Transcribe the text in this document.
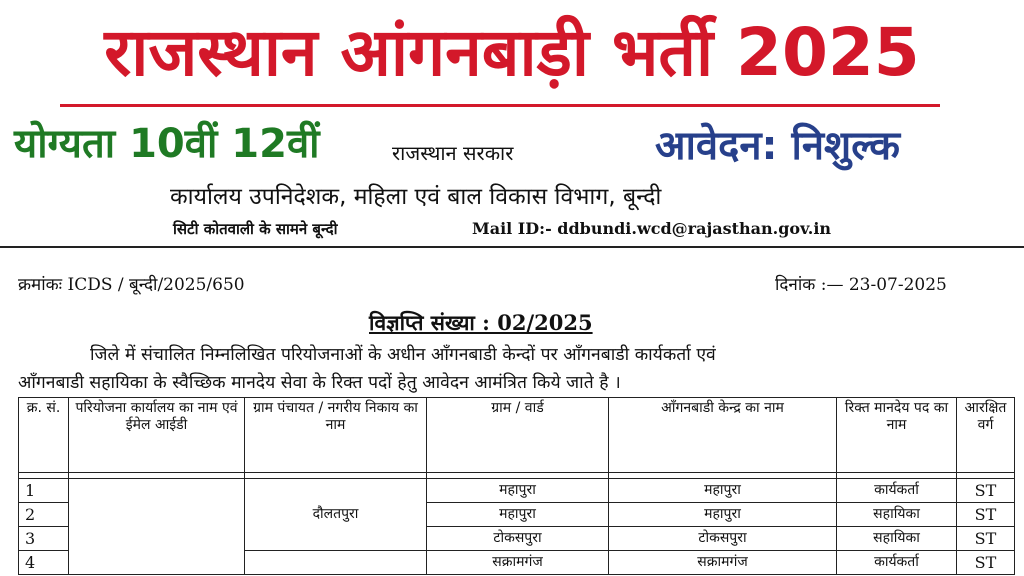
राजस्थान आंगनबाड़ी भर्ती 2025
योग्यता 10वीं 12वीं	राजस्थान सरकार	आवेदन: निशुल्क
कार्यालय उपनिदेशक, महिला एवं बाल विकास विभाग, बून्दी
सिटी कोतवाली के सामने बून्दी	Mail ID:- ddbundi.wcd@rajasthan.gov.in
क्रमांकः ICDS / बून्दी/2025/650	दिनांक :— 23-07-2025
विज्ञप्ति संख्या : 02/2025
जिले में संचालित निम्नलिखित परियोजनाओं के अधीन आँगनबाडी केन्दों पर आँगनबाडी कार्यकर्ता एवं
आँगनबाडी सहायिका के स्वैच्छिक मानदेय सेवा के रिक्त पदों हेतु आवेदन आमंत्रित किये जाते है ।
क्र. सं.	परियोजना कार्यालय का नाम एवं ईमेल आईडी	ग्राम पंचायत / नगरीय निकाय का नाम	ग्राम / वार्ड	आँगनबाडी केन्द्र का नाम	रिक्त मानदेय पद का नाम	आरक्षित वर्ग

1		दौलतपुरा	महापुरा	महापुरा	कार्यकर्ता	ST
2			महापुरा	महापुरा	सहायिका	ST
3			टोकसपुरा	टोकसपुरा	सहायिका	ST
4			सक्रामगंज	सक्रामगंज	कार्यकर्ता	ST
